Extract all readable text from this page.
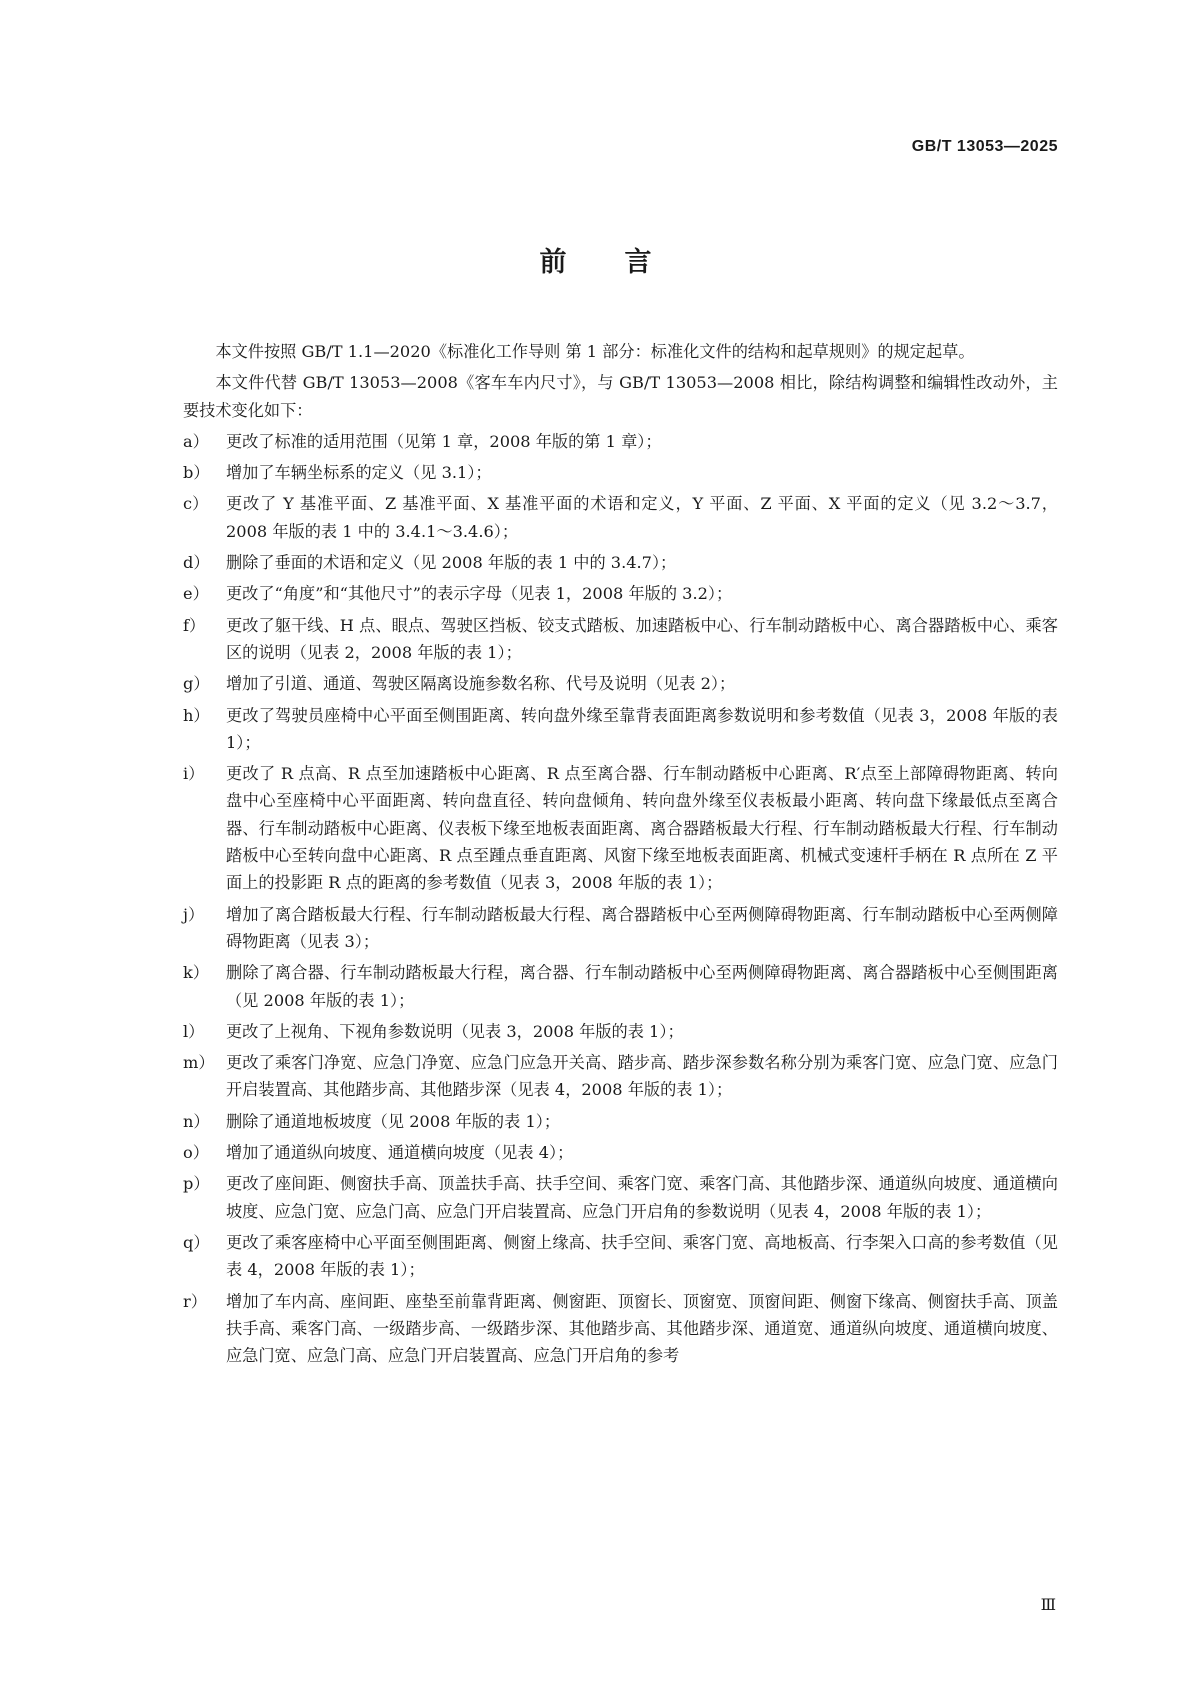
GB/T 13053—2025
前 言

本文件按照 GB/T 1.1—2020《标准化工作导则 第 1 部分：标准化文件的结构和起草规则》的规定起草。

本文件代替 GB/T 13053—2008《客车车内尺寸》，与 GB/T 13053—2008 相比，除结构调整和编辑性改动外，主要技术变化如下：

a） 更改了标准的适用范围（见第 1 章，2008 年版的第 1 章）；
b） 增加了车辆坐标系的定义（见 3.1）；
c） 更改了 Y 基准平面、Z 基准平面、X 基准平面的术语和定义，Y 平面、Z 平面、X 平面的定义（见 3.2～3.7，2008 年版的表 1 中的 3.4.1～3.4.6）；
d） 删除了垂面的术语和定义（见 2008 年版的表 1 中的 3.4.7）；
e） 更改了“角度”和“其他尺寸”的表示字母（见表 1，2008 年版的 3.2）；
f） 更改了躯干线、H 点、眼点、驾驶区挡板、铰支式踏板、加速踏板中心、行车制动踏板中心、离合器踏板中心、乘客区的说明（见表 2，2008 年版的表 1）；
g） 增加了引道、通道、驾驶区隔离设施参数名称、代号及说明（见表 2）；
h） 更改了驾驶员座椅中心平面至侧围距离、转向盘外缘至靠背表面距离参数说明和参考数值（见表 3，2008 年版的表 1）；
i） 更改了 R 点高、R 点至加速踏板中心距离、R 点至离合器、行车制动踏板中心距离、R′点至上部障碍物距离、转向盘中心至座椅中心平面距离、转向盘直径、转向盘倾角、转向盘外缘至仪表板最小距离、转向盘下缘最低点至离合器、行车制动踏板中心距离、仪表板下缘至地板表面距离、离合器踏板最大行程、行车制动踏板最大行程、行车制动踏板中心至转向盘中心距离、R 点至踵点垂直距离、风窗下缘至地板表面距离、机械式变速杆手柄在 R 点所在 Z 平面上的投影距 R 点的距离的参考数值（见表 3，2008 年版的表 1）；
j） 增加了离合踏板最大行程、行车制动踏板最大行程、离合器踏板中心至两侧障碍物距离、行车制动踏板中心至两侧障碍物距离（见表 3）；
k） 删除了离合器、行车制动踏板最大行程，离合器、行车制动踏板中心至两侧障碍物距离、离合器踏板中心至侧围距离（见 2008 年版的表 1）；
l） 更改了上视角、下视角参数说明（见表 3，2008 年版的表 1）；
m） 更改了乘客门净宽、应急门净宽、应急门应急开关高、踏步高、踏步深参数名称分别为乘客门宽、应急门宽、应急门开启装置高、其他踏步高、其他踏步深（见表 4，2008 年版的表 1）；
n） 删除了通道地板坡度（见 2008 年版的表 1）；
o） 增加了通道纵向坡度、通道横向坡度（见表 4）；
p） 更改了座间距、侧窗扶手高、顶盖扶手高、扶手空间、乘客门宽、乘客门高、其他踏步深、通道纵向坡度、通道横向坡度、应急门宽、应急门高、应急门开启装置高、应急门开启角的参数说明（见表 4，2008 年版的表 1）；
q） 更改了乘客座椅中心平面至侧围距离、侧窗上缘高、扶手空间、乘客门宽、高地板高、行李架入口高的参考数值（见表 4，2008 年版的表 1）；
r） 增加了车内高、座间距、座垫至前靠背距离、侧窗距、顶窗长、顶窗宽、顶窗间距、侧窗下缘高、侧窗扶手高、顶盖扶手高、乘客门高、一级踏步高、一级踏步深、其他踏步高、其他踏步深、通道宽、通道纵向坡度、通道横向坡度、应急门宽、应急门高、应急门开启装置高、应急门开启角的参考
Ⅲ
